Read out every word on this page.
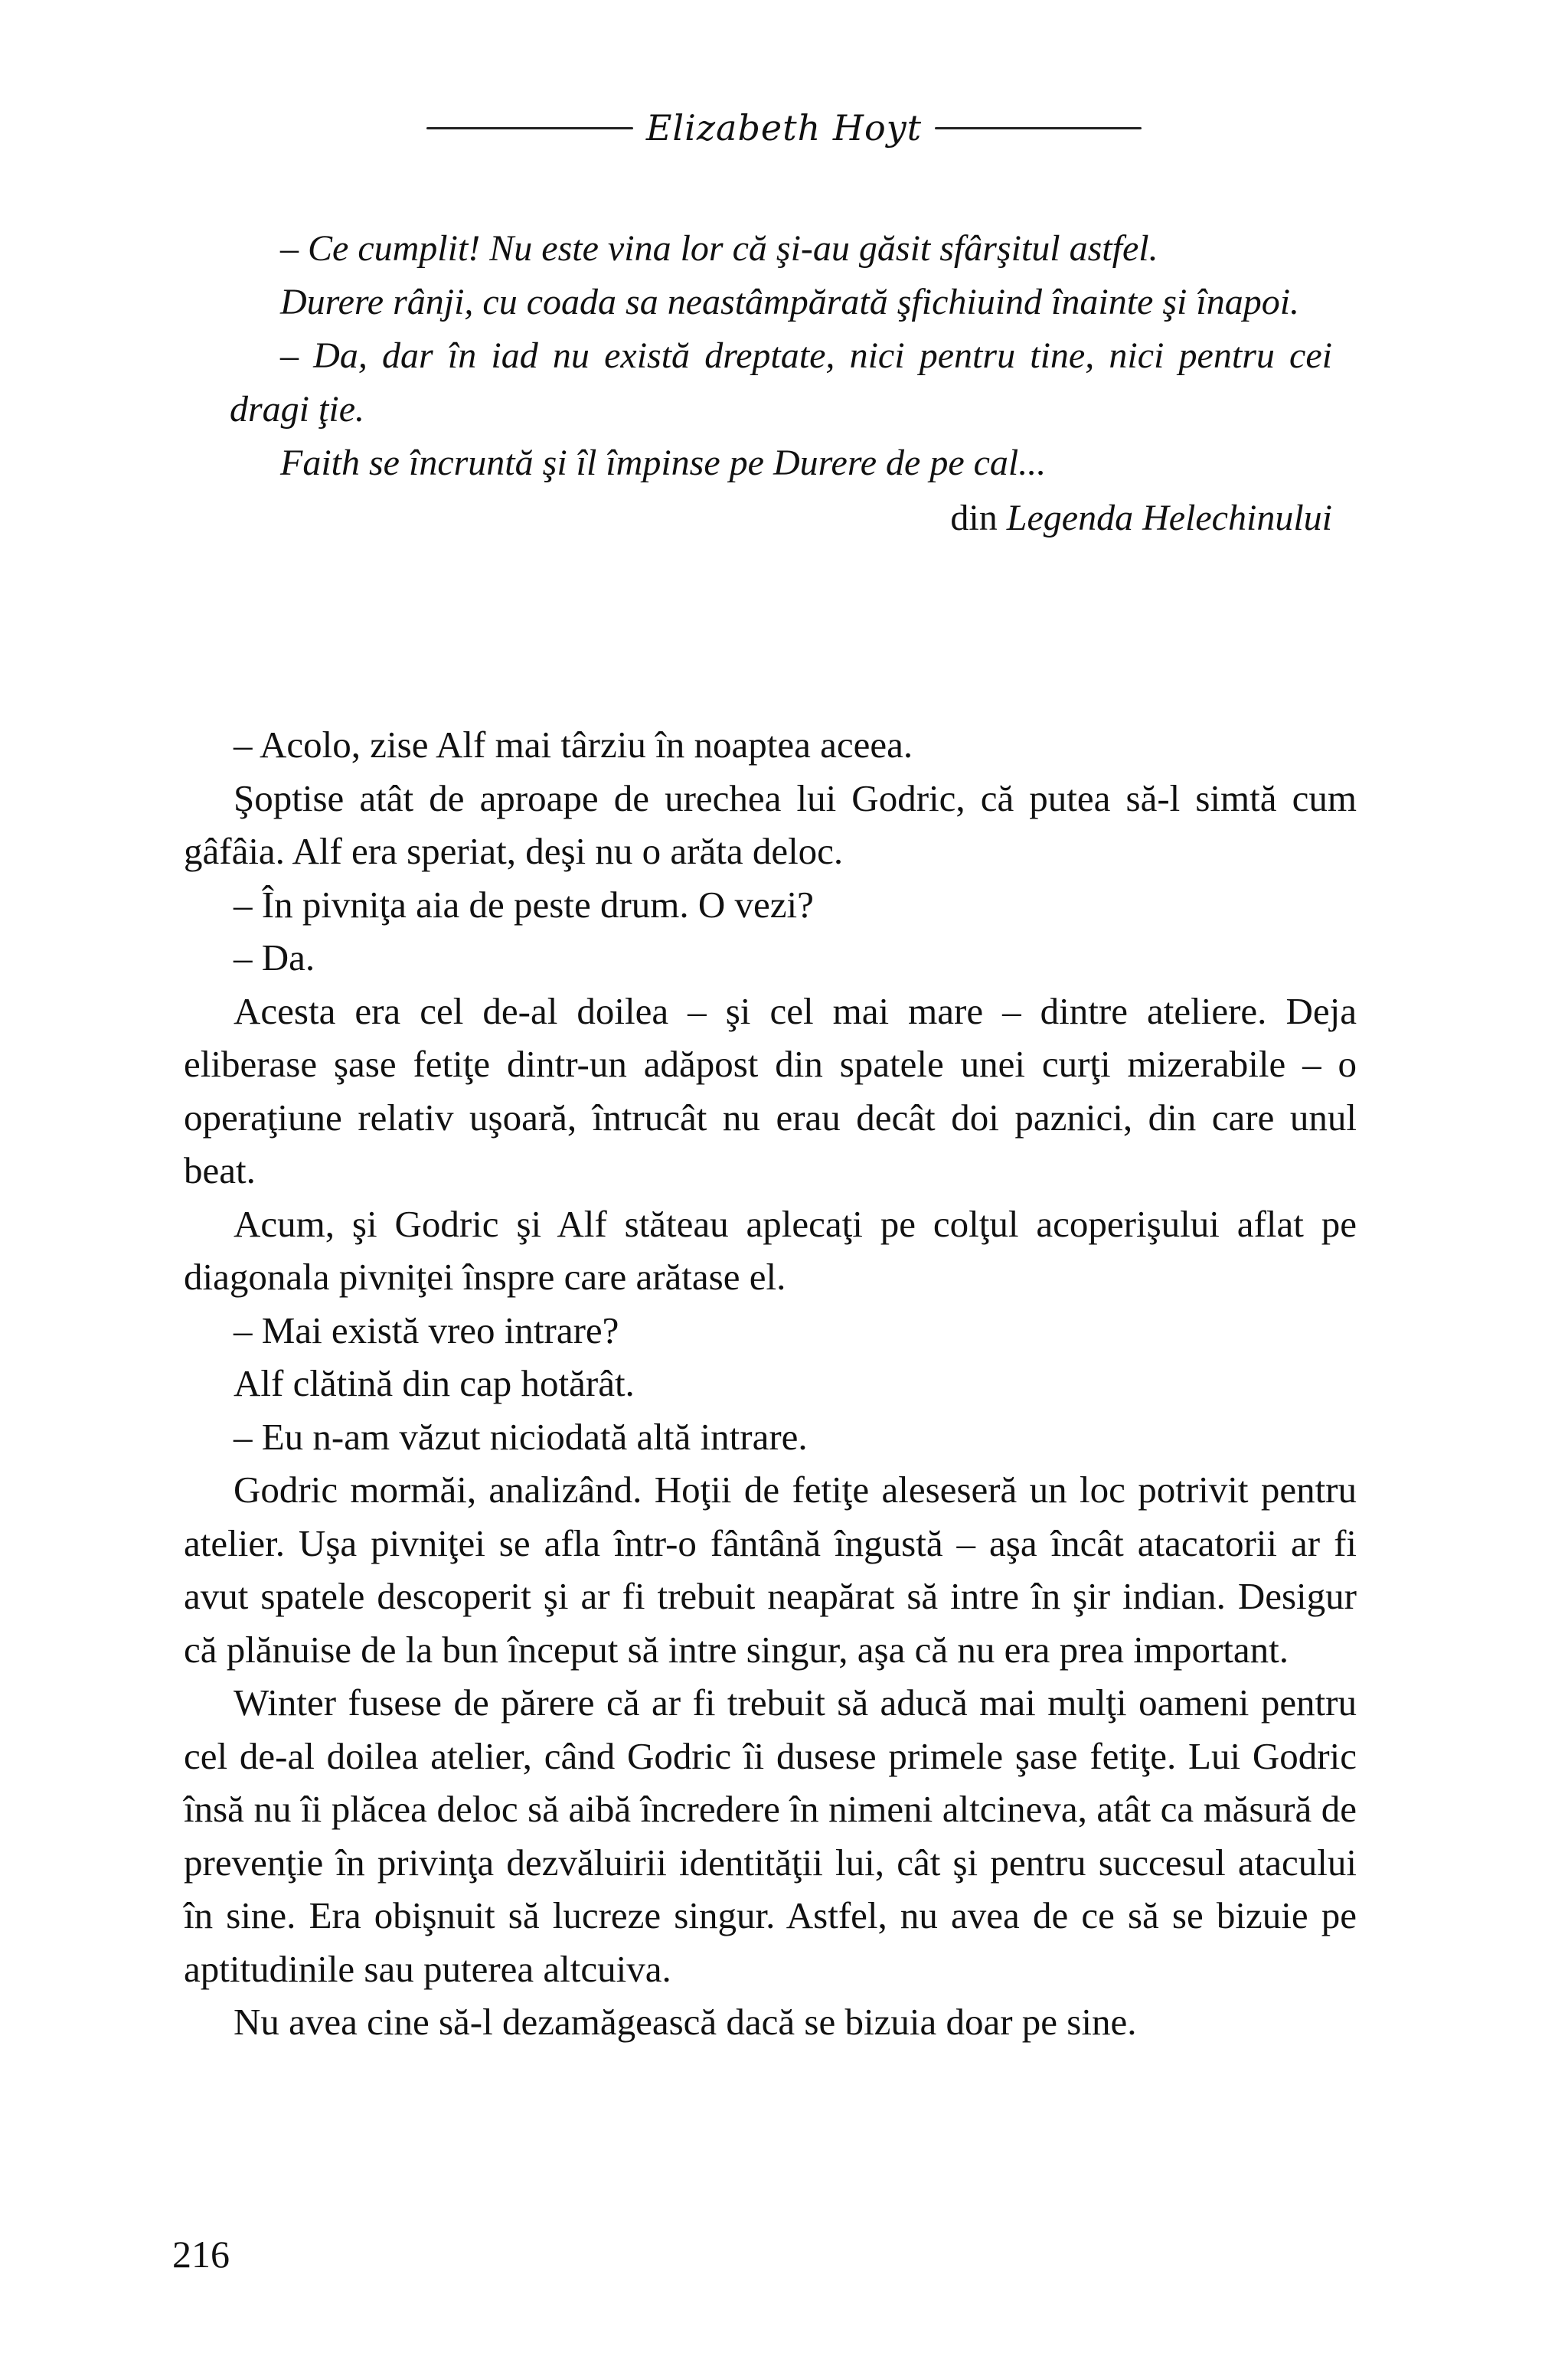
Elizabeth Hoyt

– Ce cumplit! Nu este vina lor că şi-au găsit sfârşitul astfel.

Durere rânji, cu coada sa neastâmpărată şfichiuind înainte şi înapoi.

– Da, dar în iad nu există dreptate, nici pentru tine, nici pentru cei dragi ţie.

Faith se încruntă şi îl împinse pe Durere de pe cal...

din Legenda Helechinului

– Acolo, zise Alf mai târziu în noaptea aceea.

Şoptise atât de aproape de urechea lui Godric, că putea să-l simtă cum gâfâia. Alf era speriat, deşi nu o arăta deloc.

– În pivniţa aia de peste drum. O vezi?

– Da.

Acesta era cel de-al doilea – şi cel mai mare – dintre ateliere. Deja eliberase şase fetiţe dintr-un adăpost din spatele unei curţi mizerabile – o operaţiune relativ uşoară, întrucât nu erau decât doi paznici, din care unul beat.

Acum, şi Godric şi Alf stăteau aplecaţi pe colţul acoperişului aflat pe diagonala pivniţei înspre care arătase el.

– Mai există vreo intrare?

Alf clătină din cap hotărât.

– Eu n-am văzut niciodată altă intrare.

Godric mormăi, analizând. Hoţii de fetiţe aleseseră un loc potrivit pentru atelier. Uşa pivniţei se afla într-o fântână îngustă – aşa încât atacatorii ar fi avut spatele descoperit şi ar fi trebuit neapărat să intre în şir indian. Desigur că plănuise de la bun început să intre singur, aşa că nu era prea important.

Winter fusese de părere că ar fi trebuit să aducă mai mulţi oameni pentru cel de-al doilea atelier, când Godric îi dusese primele şase fetiţe. Lui Godric însă nu îi plăcea deloc să aibă încredere în nimeni altcineva, atât ca măsură de prevenţie în privinţa dezvăluirii identităţii lui, cât şi pentru succesul atacului în sine. Era obişnuit să lucreze singur. Astfel, nu avea de ce să se bizuie pe aptitudinile sau puterea altcuiva.

Nu avea cine să-l dezamăgească dacă se bizuia doar pe sine.

216
